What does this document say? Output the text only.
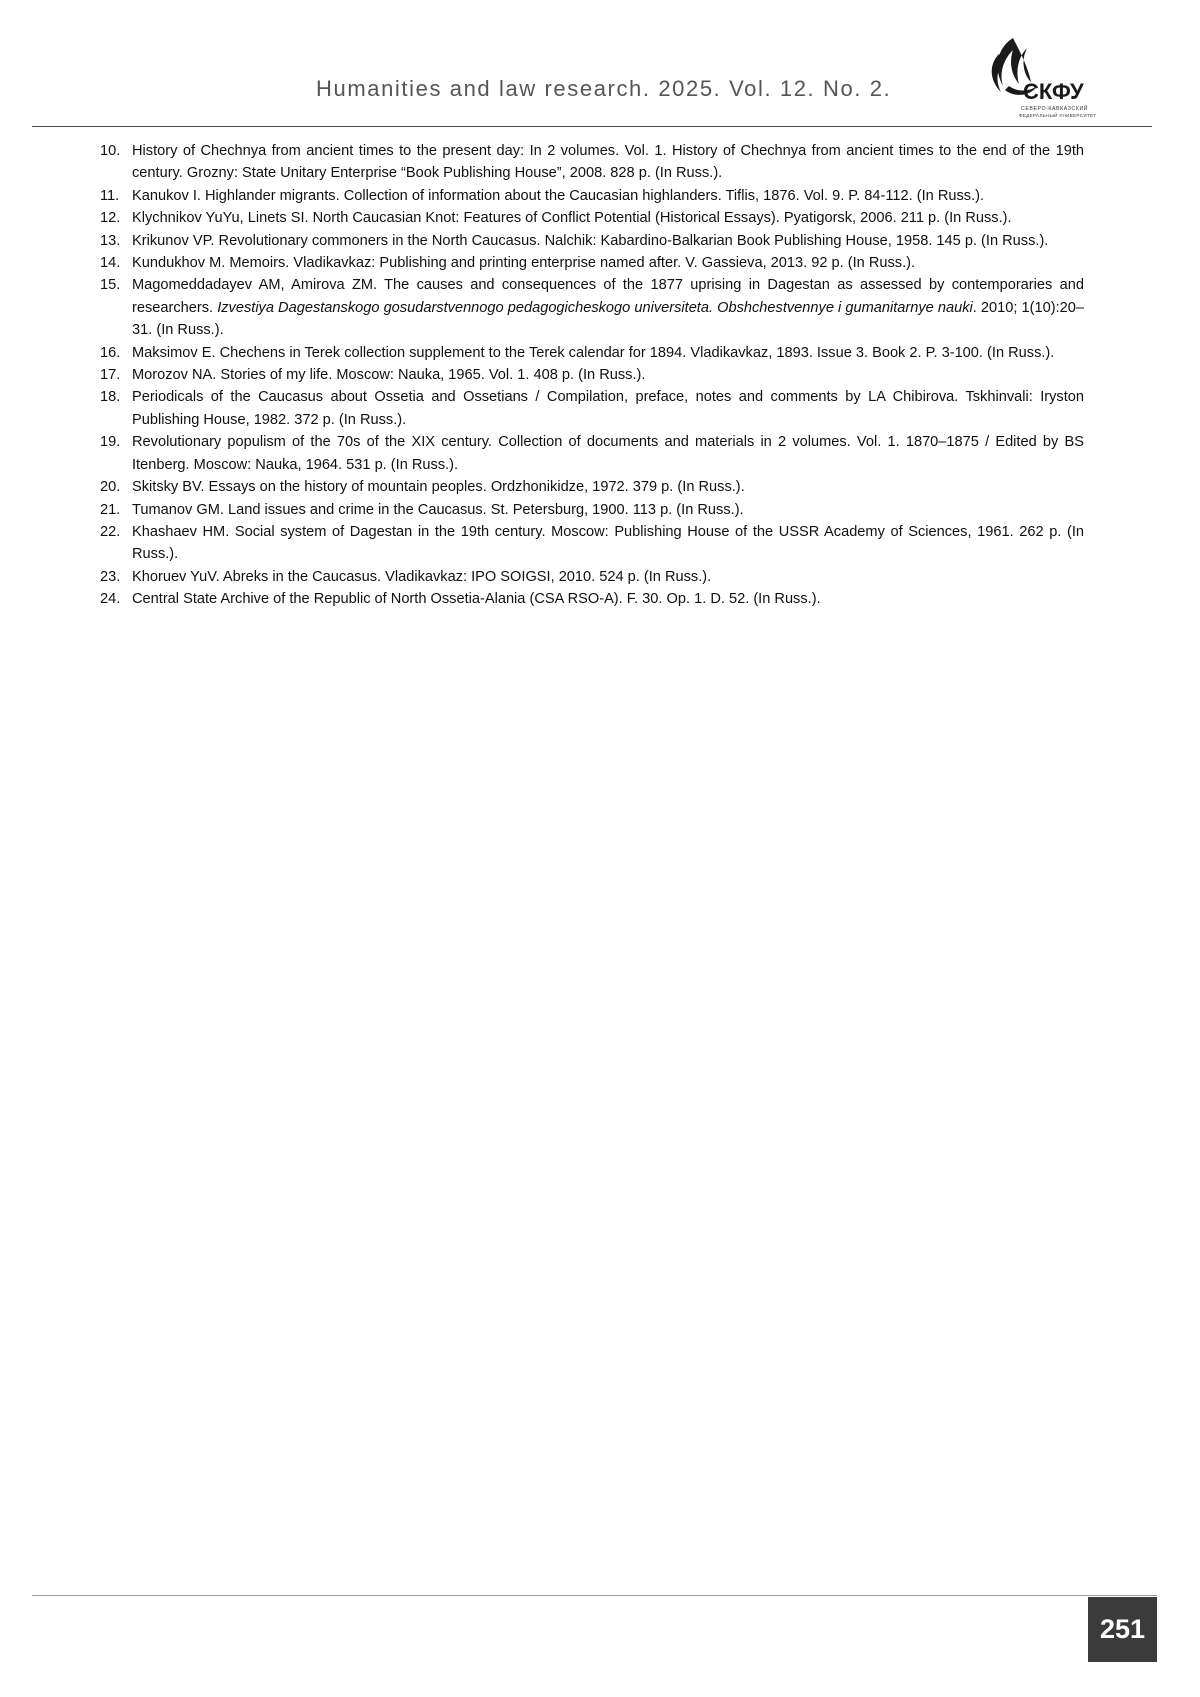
Humanities and law research. 2025. Vol. 12. No. 2.	СКФУ
СЕВЕРО-КАВКАЗСКИЙ
ФЕДЕРАЛЬНЫЙ УНИВЕРСИТЕТ
10. History of Chechnya from ancient times to the present day: In 2 volumes. Vol. 1. History of Chechnya from ancient times to the end of the 19th century. Grozny: State Unitary Enterprise “Book Publishing House”, 2008. 828 p. (In Russ.).
11. Kanukov I. Highlander migrants. Collection of information about the Caucasian highlanders. Tiflis, 1876. Vol. 9. P. 84-112. (In Russ.).
12. Klychnikov YuYu, Linets SI. North Caucasian Knot: Features of Conflict Potential (Historical Essays). Pyatigorsk, 2006. 211 p. (In Russ.).
13. Krikunov VP. Revolutionary commoners in the North Caucasus. Nalchik: Kabardino-Balkarian Book Publishing House, 1958. 145 p. (In Russ.).
14. Kundukhov M. Memoirs. Vladikavkaz: Publishing and printing enterprise named after. V. Gassieva, 2013. 92 p. (In Russ.).
15. Magomeddadayev AM, Amirova ZM. The causes and consequences of the 1877 uprising in Dagestan as assessed by contemporaries and researchers. Izvestiya Dagestanskogo gosudarstvennogo pedagogicheskogo universiteta. Obshchestvennye i gumanitarnye nauki. 2010; 1(10):20–31. (In Russ.).
16. Maksimov E. Chechens in Terek collection supplement to the Terek calendar for 1894. Vladikavkaz, 1893. Issue 3. Book 2. P. 3-100. (In Russ.).
17. Morozov NA. Stories of my life. Moscow: Nauka, 1965. Vol. 1. 408 p. (In Russ.).
18. Periodicals of the Caucasus about Ossetia and Ossetians / Compilation, preface, notes and comments by LA Chibirova. Tskhinvali: Iryston Publishing House, 1982. 372 p. (In Russ.).
19. Revolutionary populism of the 70s of the XIX century. Collection of documents and materials in 2 volumes. Vol. 1. 1870–1875 / Edited by BS Itenberg. Moscow: Nauka, 1964. 531 p. (In Russ.).
20. Skitsky BV. Essays on the history of mountain peoples. Ordzhonikidze, 1972. 379 p. (In Russ.).
21. Tumanov GM. Land issues and crime in the Caucasus. St. Petersburg, 1900. 113 p. (In Russ.).
22. Khashaev HM. Social system of Dagestan in the 19th century. Moscow: Publishing House of the USSR Academy of Sciences, 1961. 262 p. (In Russ.).
23. Khoruev YuV. Abreks in the Caucasus. Vladikavkaz: IPO SOIGSI, 2010. 524 p. (In Russ.).
24. Central State Archive of the Republic of North Ossetia-Alania (CSA RSO-A). F. 30. Op. 1. D. 52. (In Russ.).
251
